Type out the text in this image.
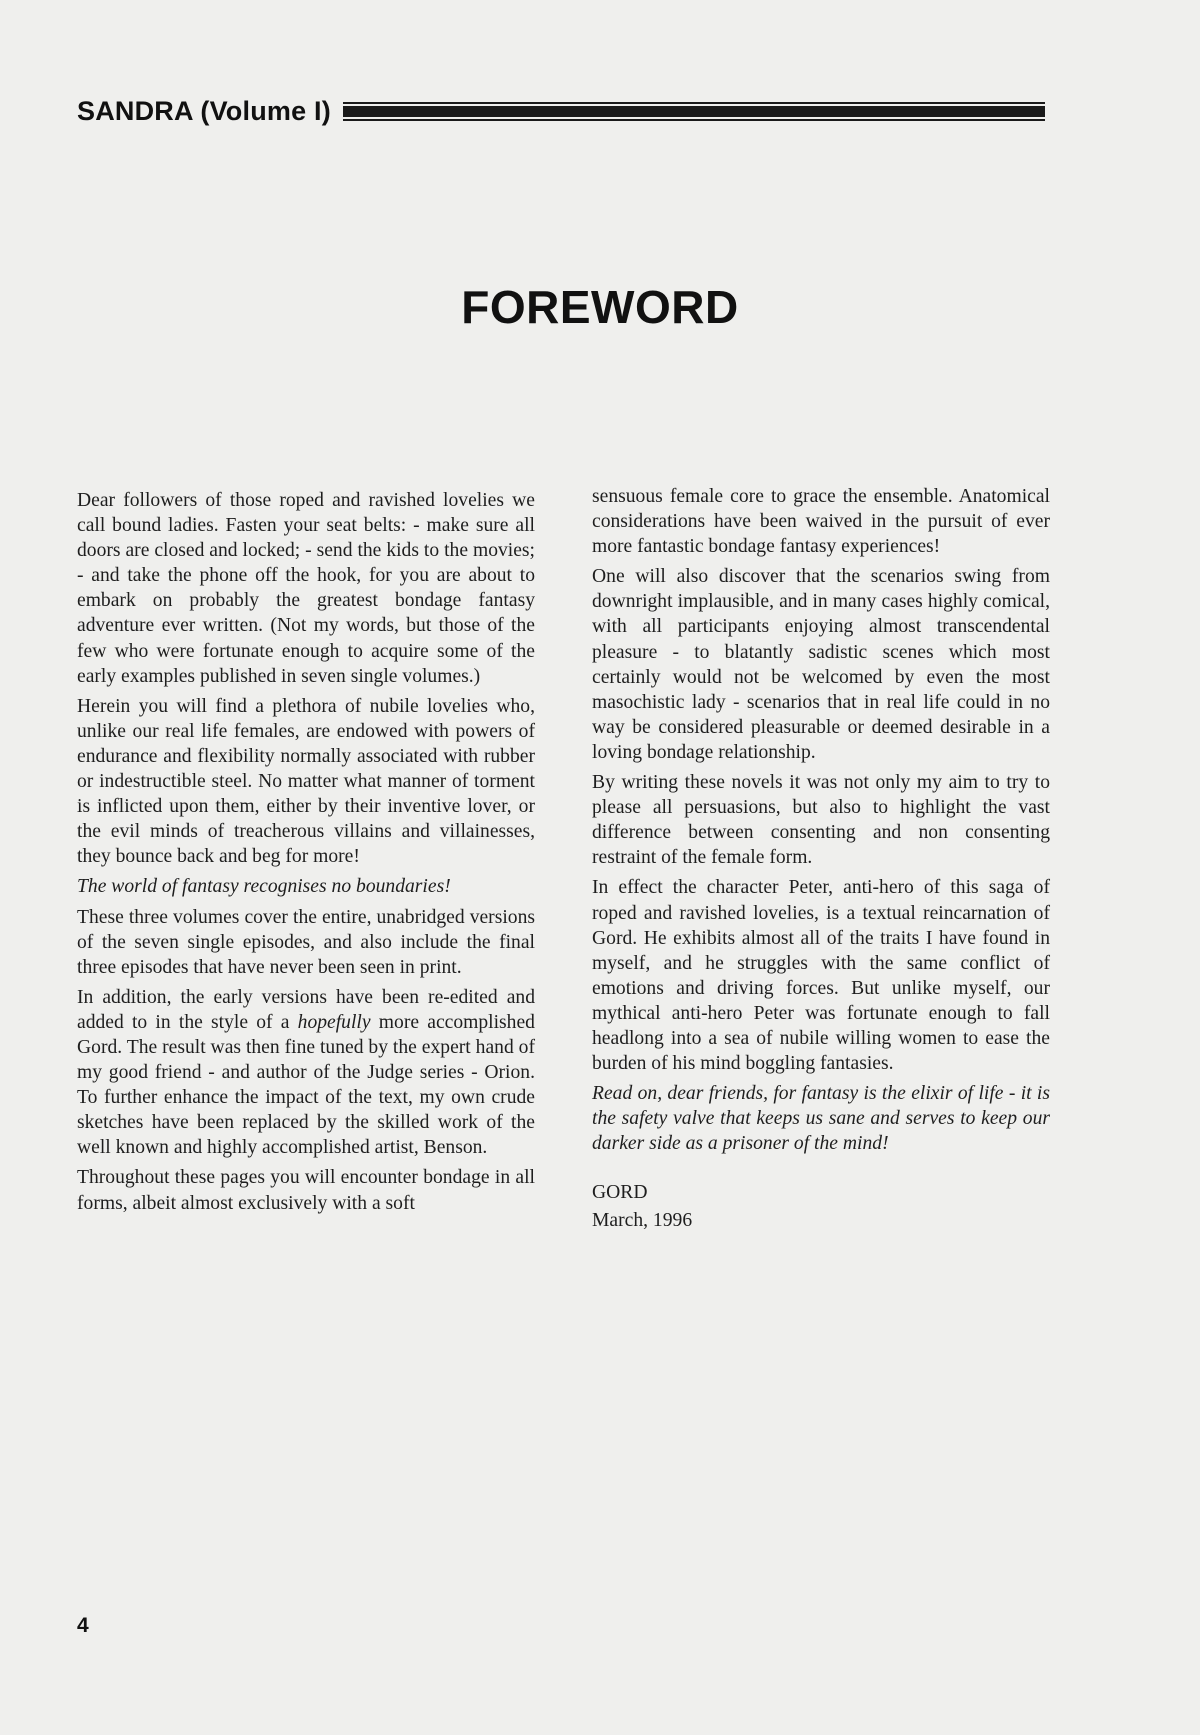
SANDRA (Volume I)
FOREWORD

Dear followers of those roped and ravished lovelies we call bound ladies. Fasten your seat belts: - make sure all doors are closed and locked; - send the kids to the movies; - and take the phone off the hook, for you are about to embark on probably the greatest bondage fantasy adventure ever written. (Not my words, but those of the few who were fortunate enough to acquire some of the early examples published in seven single volumes.)

Herein you will find a plethora of nubile lovelies who, unlike our real life females, are endowed with powers of endurance and flexibility normally associated with rubber or indestructible steel. No matter what manner of torment is inflicted upon them, either by their inventive lover, or the evil minds of treacherous villains and villainesses, they bounce back and beg for more!

The world of fantasy recognises no boundaries!

These three volumes cover the entire, unabridged versions of the seven single episodes, and also include the final three episodes that have never been seen in print.

In addition, the early versions have been re-edited and added to in the style of a hopefully more accomplished Gord. The result was then fine tuned by the expert hand of my good friend - and author of the Judge series - Orion. To further enhance the impact of the text, my own crude sketches have been replaced by the skilled work of the well known and highly accomplished artist, Benson.

Throughout these pages you will encounter bondage in all forms, albeit almost exclusively with a soft

sensuous female core to grace the ensemble. Anatomical considerations have been waived in the pursuit of ever more fantastic bondage fantasy experiences!

One will also discover that the scenarios swing from downright implausible, and in many cases highly comical, with all participants enjoying almost transcendental pleasure - to blatantly sadistic scenes which most certainly would not be welcomed by even the most masochistic lady - scenarios that in real life could in no way be considered pleasurable or deemed desirable in a loving bondage relationship.

By writing these novels it was not only my aim to try to please all persuasions, but also to highlight the vast difference between consenting and non consenting restraint of the female form.

In effect the character Peter, anti-hero of this saga of roped and ravished lovelies, is a textual reincarnation of Gord. He exhibits almost all of the traits I have found in myself, and he struggles with the same conflict of emotions and driving forces. But unlike myself, our mythical anti-hero Peter was fortunate enough to fall headlong into a sea of nubile willing women to ease the burden of his mind boggling fantasies.

Read on, dear friends, for fantasy is the elixir of life - it is the safety valve that keeps us sane and serves to keep our darker side as a prisoner of the mind!

GORD
March, 1996
4
